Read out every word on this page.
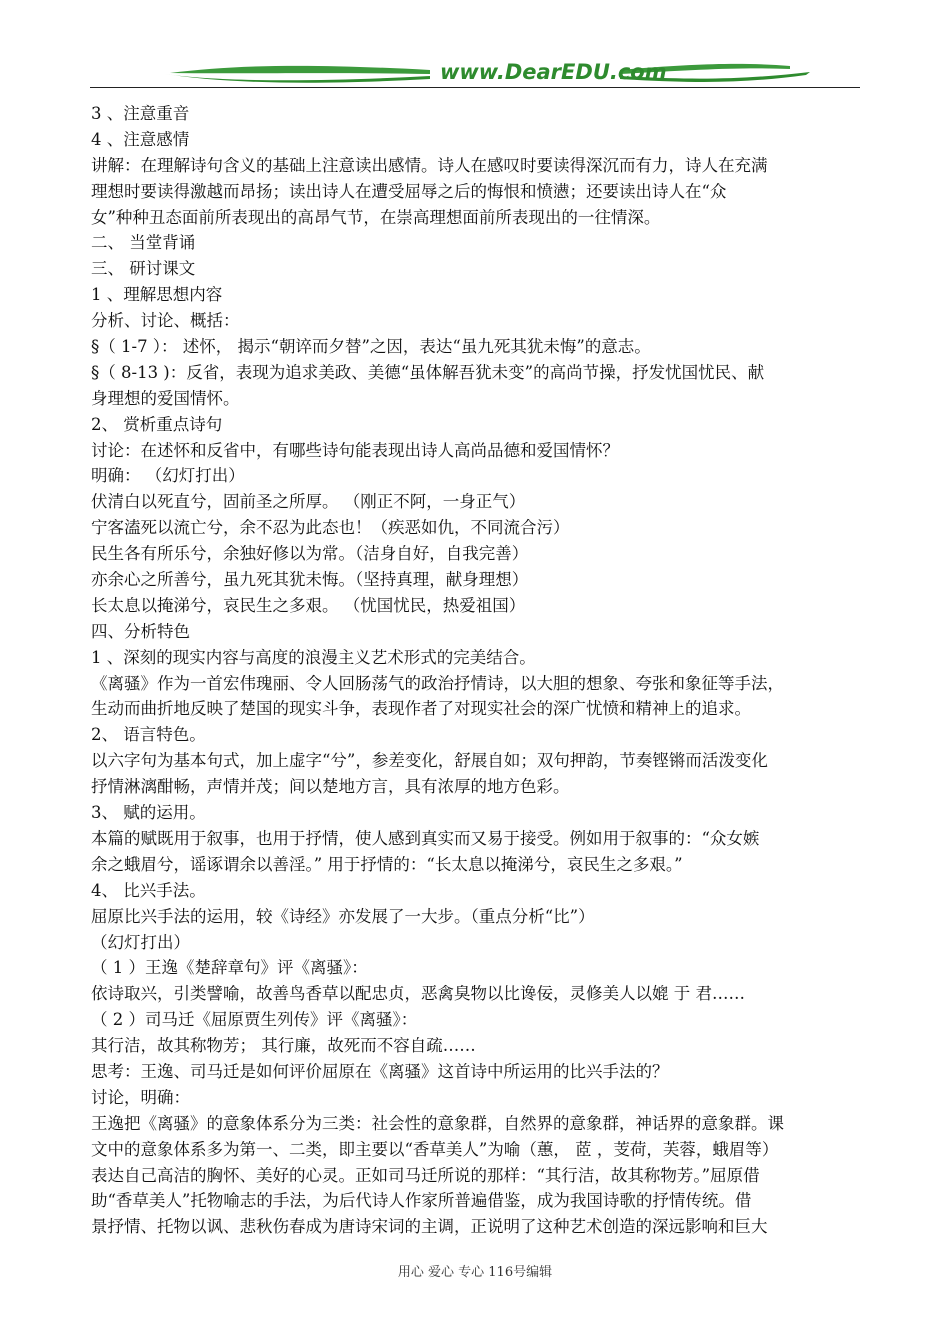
www.DearEDU.com
3 、注意重音
4 、注意感情
讲解：在理解诗句含义的基础上注意读出感情。诗人在感叹时要读得深沉而有力，诗人在充满
理想时要读得激越而昂扬；读出诗人在遭受屈辱之后的悔恨和愤懑；还要读出诗人在“众
女”种种丑态面前所表现出的高昂气节，在崇高理想面前所表现出的一往情深。
二、 当堂背诵
三、 研讨课文
1 、理解思想内容
分析、讨论、概括：
§（ 1-7 ）： 述怀， 揭示“朝谇而夕替”之因，表达“虽九死其犹未悔”的意志。
§（ 8-13 )：反省，表现为追求美政、美德“虽体解吾犹未变”的高尚节操，抒发忧国忧民、献
身理想的爱国情怀。
2、 赏析重点诗句
讨论：在述怀和反省中，有哪些诗句能表现出诗人高尚品德和爱国情怀？
明确： （幻灯打出）
伏清白以死直兮，固前圣之所厚。 （刚正不阿，一身正气）
宁客溘死以流亡兮，余不忍为此态也！（疾恶如仇，不同流合污）
民生各有所乐兮，余独好修以为常。（洁身自好，自我完善）
亦余心之所善兮，虽九死其犹未悔。（坚持真理，献身理想）
长太息以掩涕兮，哀民生之多艰。 （忧国忧民，热爱祖国）
四、分析特色
1 、深刻的现实内容与高度的浪漫主义艺术形式的完美结合。
《离骚》作为一首宏伟瑰丽、令人回肠荡气的政治抒情诗，以大胆的想象、夸张和象征等手法，
生动而曲折地反映了楚国的现实斗争，表现作者了对现实社会的深广忧愤和精神上的追求。
2、 语言特色。
以六字句为基本句式，加上虚字“兮”，参差变化，舒展自如；双句押韵，节奏铿锵而活泼变化
抒情淋漓酣畅，声情并茂；间以楚地方言，具有浓厚的地方色彩。
3、 赋的运用。
本篇的赋既用于叙事，也用于抒情，使人感到真实而又易于接受。例如用于叙事的：“众女嫉
余之蛾眉兮，谣诼谓余以善淫。” 用于抒情的：“长太息以掩涕兮，哀民生之多艰。”
4、 比兴手法。
屈原比兴手法的运用，较《诗经》亦发展了一大步。（重点分析“比”）
（幻灯打出）
（ 1 ）王逸《楚辞章句》评《离骚》：
依诗取兴，引类譬喻，故善鸟香草以配忠贞，恶禽臭物以比谗佞，灵修美人以媲 于 君……
（ 2 ）司马迁《屈原贾生列传》评《离骚》：
其行洁，故其称物芳； 其行廉，故死而不容自疏……
思考：王逸、司马迁是如何评价屈原在《离骚》这首诗中所运用的比兴手法的？
讨论，明确：
王逸把《离骚》的意象体系分为三类：社会性的意象群，自然界的意象群，神话界的意象群。课
文中的意象体系多为第一、二类，即主要以“香草美人”为喻（蕙， 茝 ，芰荷，芙蓉，蛾眉等）
表达自己高洁的胸怀、美好的心灵。正如司马迁所说的那样：“其行洁，故其称物芳。”屈原借
助“香草美人”托物喻志的手法，为后代诗人作家所普遍借鉴，成为我国诗歌的抒情传统。借
景抒情、托物以讽、悲秋伤春成为唐诗宋词的主调，正说明了这种艺术创造的深远影响和巨大
用心 爱心 专心 116号编辑
